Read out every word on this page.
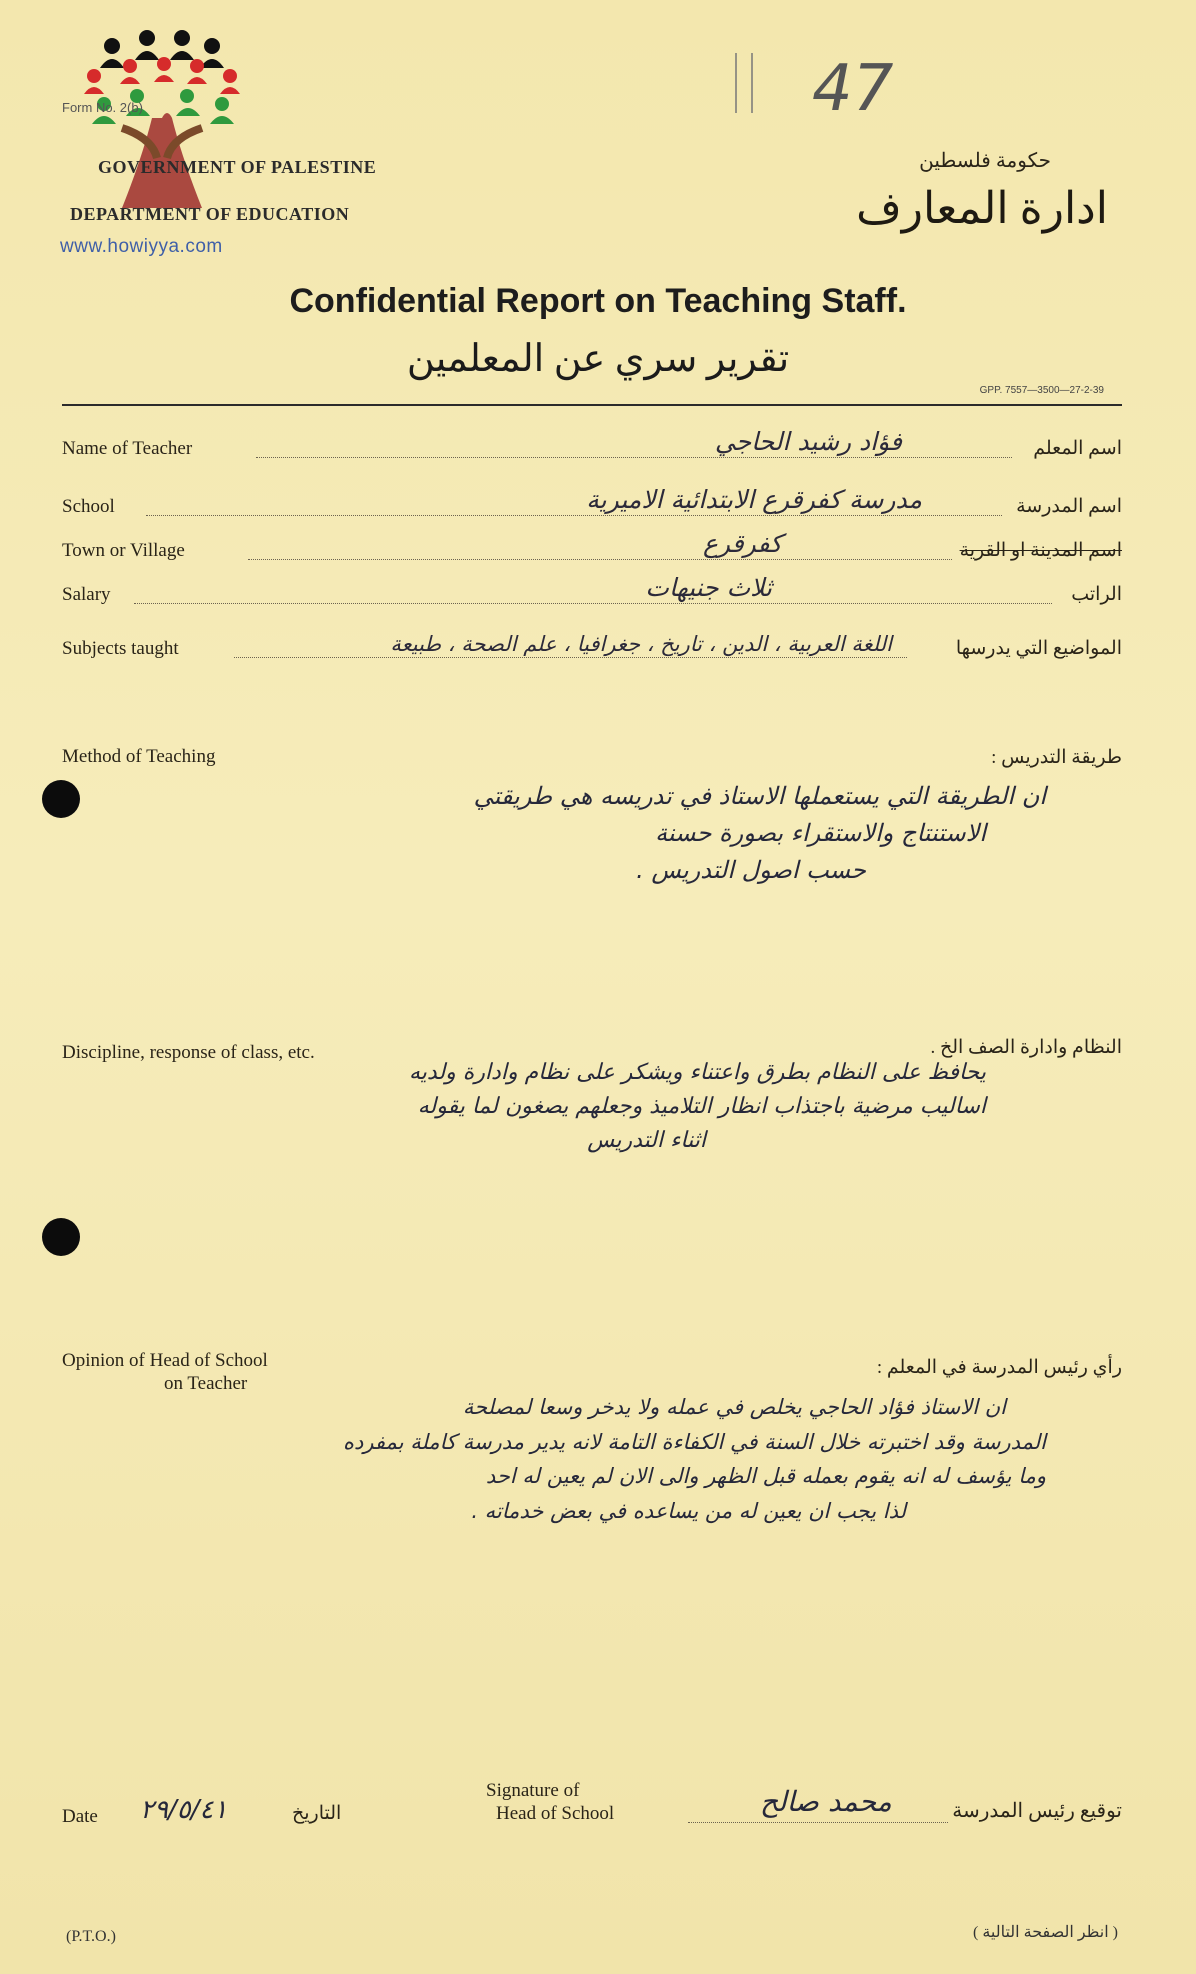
Form No. 2(b)
GOVERNMENT OF PALESTINE
DEPARTMENT OF EDUCATION
www.howiyya.com
47
حكومة فلسطين
ادارة المعارف
Confidential Report on Teaching Staff.
تقرير سري عن المعلمين
GPP. 7557—3500—27-2-39
Name of Teacher	فؤاد رشيد الحاجي	اسم المعلم
School	مدرسة كفرقرع الابتدائية الاميرية	اسم المدرسة
Town or Village	كفرقرع	اسم المدينة او القرية
Salary	ثلاث جنيهات	الراتب
Subjects taught	اللغة العربية ، الدين ، تاريخ ، جغرافيا ، علم الصحة ، طبيعة	المواضيع التي يدرسها
Method of Teaching	طريقة التدريس :
ان الطريقة التي يستعملها الاستاذ في تدريسه هي طريقتي
الاستنتاج والاستقراء بصورة حسنة
حسب اصول التدريس .
Discipline, response of class, etc.	النظام وادارة الصف الخ .
يحافظ على النظام بطرق واعتناء ويشكر على نظام وادارة ولديه
اساليب مرضية باجتذاب انظار التلاميذ وجعلهم يصغون لما يقوله
اثناء التدريس
Opinion of Head of School
on Teacher
رأي رئيس المدرسة في المعلم :
ان الاستاذ فؤاد الحاجي يخلص في عمله ولا يدخر وسعا لمصلحة
المدرسة وقد اختبرته خلال السنة في الكفاءة التامة لانه يدير مدرسة كاملة بمفرده
وما يؤسف له انه يقوم بعمله قبل الظهر والى الان لم يعين له احد
لذا يجب ان يعين له من يساعده في بعض خدماته .
Date ٢٩/٥/٤١	التاريخ
Signature of
Head of School	محمد صالح	توقيع رئيس المدرسة
(P.T.O.)	( انظر الصفحة التالية )
